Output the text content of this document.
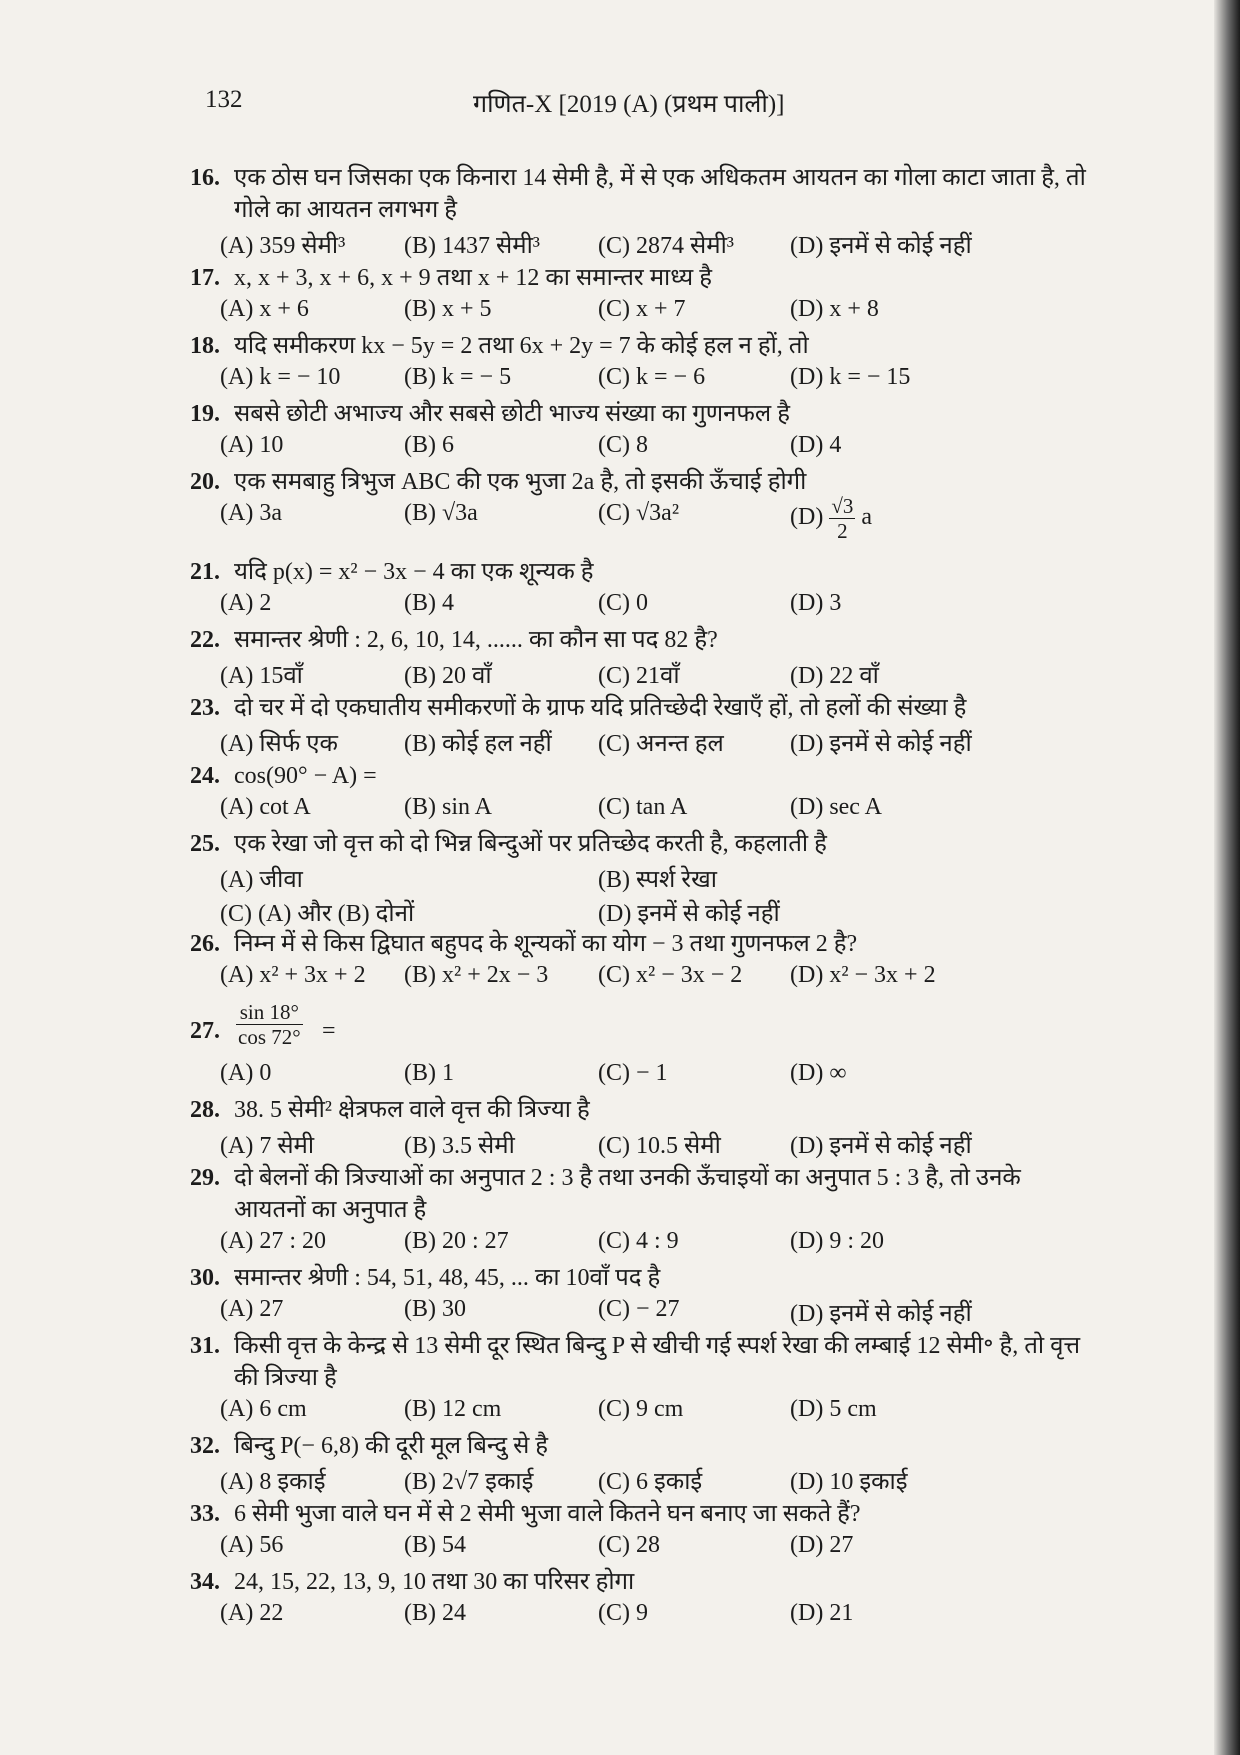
132	गणित-X [2019 (A) (प्रथम पाली)]
16. एक ठोस घन जिसका एक किनारा 14 सेमी है, में से एक अधिकतम आयतन का गोला काटा जाता है, तो गोले का आयतन लगभग है
(A) 359 सेमी³ (B) 1437 सेमी³ (C) 2874 सेमी³ (D) इनमें से कोई नहीं
17. x, x + 3, x + 6, x + 9 तथा x + 12 का समान्तर माध्य है
(A) x + 6	(B) x + 5	(C) x + 7	(D) x + 8
18. यदि समीकरण kx − 5y = 2 तथा 6x + 2y = 7 के कोई हल न हों, तो
(A) k = − 10	(B) k = − 5	(C) k = − 6	(D) k = − 15
19. सबसे छोटी अभाज्य और सबसे छोटी भाज्य संख्या का गुणनफल है
(A) 10	(B) 6	(C) 8	(D) 4
20. एक समबाहु त्रिभुज ABC की एक भुजा 2a है, तो इसकी ऊँचाई होगी
(A) 3a	(B) √3a	(C) √3a²	$(D) \frac{√3}{2}$ a
21. यदि p(x) = x² − 3x − 4 का एक शून्यक है
(A) 2	(B) 4	(C) 0	(D) 3
22. समान्तर श्रेणी : 2, 6, 10, 14, ...... का कौन सा पद 82 है?
(A) 15वाँ	(B) 20 वाँ	(C) 21वाँ	(D) 22 वाँ
23. दो चर में दो एकघातीय समीकरणों के ग्राफ यदि प्रतिच्छेदी रेखाएँ हों, तो हलों की संख्या है
(A) सिर्फ एक	(B) कोई हल नहीं (C) अनन्त हल	(D) इनमें से कोई नहीं
24. cos(90° − A) =
(A) cot A	(B) sin A	(C) tan A	(D) sec A
25. एक रेखा जो वृत्त को दो भिन्न बिन्दुओं पर प्रतिच्छेद करती है, कहलाती है
(A) जीवा	(B) स्पर्श रेखा
(C) (A) और (B) दोनों	(D) इनमें से कोई नहीं
26. निम्न में से किस द्विघात बहुपद के शून्यकों का योग − 3 तथा गुणनफल 2 है?
(A) x² + 3x + 2 (B) x² + 2x − 3 (C) x² − 3x − 2 (D) x² − 3x + 2
27. $\frac{\sin 18^\circ}{\cos 72^\circ}$ =
(A) 0	(B) 1	(C) − 1	(D) ∞
28. 38. 5 सेमी² क्षेत्रफल वाले वृत्त की त्रिज्या है
(A) 7 सेमी	(B) 3.5 सेमी	(C) 10.5 सेमी	(D) इनमें से कोई नहीं
29. दो बेलनों की त्रिज्याओं का अनुपात 2 : 3 है तथा उनकी ऊँचाइयों का अनुपात 5 : 3 है, तो उनके आयतनों का अनुपात है
(A) 27 : 20	(B) 20 : 27	(C) 4 : 9	(D) 9 : 20
30. समान्तर श्रेणी : 54, 51, 48, 45, ... का 10वाँ पद है
(A) 27	(B) 30	(C) − 27	(D) इनमें से कोई नहीं
31. किसी वृत्त के केन्द्र से 13 सेमी दूर स्थित बिन्दु P से खीची गई स्पर्श रेखा की लम्बाई 12 सेमी॰ है, तो वृत्त की त्रिज्या है
(A) 6 cm	(B) 12 cm	(C) 9 cm	(D) 5 cm
32. बिन्दु P(− 6,8) की दूरी मूल बिन्दु से है
(A) 8 इकाई	(B) 2√7 इकाई	(C) 6 इकाई	(D) 10 इकाई
33. 6 सेमी भुजा वाले घन में से 2 सेमी भुजा वाले कितने घन बनाए जा सकते हैं?
(A) 56	(B) 54	(C) 28	(D) 27
34. 24, 15, 22, 13, 9, 10 तथा 30 का परिसर होगा
(A) 22	(B) 24	(C) 9	(D) 21
